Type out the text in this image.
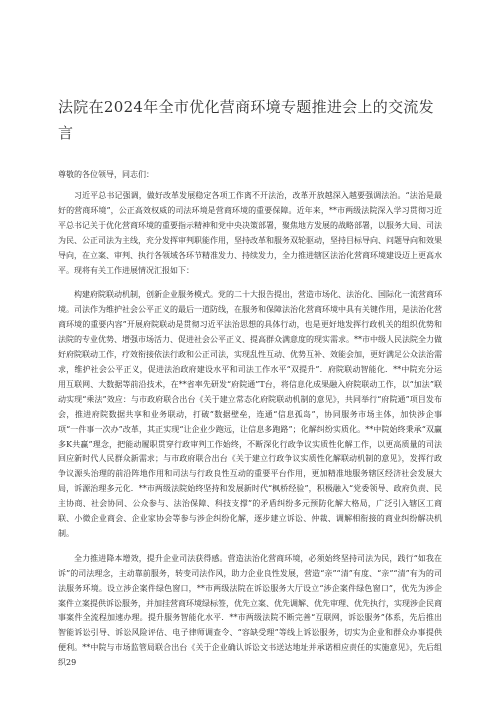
法院在2024年全市优化营商环境专题推进会上的交流发言

尊敬的各位领导，同志们：

习近平总书记强调，做好改革发展稳定各项工作离不开法治，改革开放越深入越要强调法治。“法治是最好的营商环境”，公正高效权威的司法环境是营商环境的重要保障。近年来，**市两级法院深入学习贯彻习近平总书记关于优化营商环境的重要指示精神和党中央决策部署，聚焦地方发展的战略部署，以服务大局、司法为民、公正司法为主线，充分发挥审判职能作用，坚持改革和服务双轮驱动，坚持目标导向、问题导向和效果导向，在立案、审判、执行各领域各环节精准发力、持续发力，全力推进辖区法治化营商环境建设迈上更高水平。现将有关工作进展情况汇报如下：

构建府院联动机制，创新企业服务模式。党的二十大报告提出，营造市场化、法治化、国际化一流营商环境。司法作为维护社会公平正义的最后一道防线，在服务和保障法治化营商环境中具有关键作用，是法治化营商环境的重要内容”开展府院联动是贯彻习近平法治思想的具体行动，也是更好地发挥行政机关的组织优势和法院的专业优势、增强市场活力、促进社会公平正义、提高群众满意度的现实需求。**市中级人民法院全力做好府院联动工作，疗效衔接依法行政和公正司法，实现乱性互动、优势互补、效能会加，更好满足公众法治需求，维护社会公平正义，促进法治政府建设水平和司法工作水平“双提升”．府院联动智能化．**中院充分运用互联网、大数据等前沿技术，在**省率先研发“府院通”T台，将信息化成果融入府院联动工作，以“加法”联动实现“乘法”效应：与市政府联合出台《关于建立常态化府院联动机制的意见》，共同举行“府院通”项目发布会，推进府院数据共享和业务联动，打破“数据壁垒，连通“信息孤岛”，协同服务市场主体，加快涉企事项“一件事一次办”改革，其正实现“让企业少跑远，让信息多跑路”；化解纠纷实质化。**中院始终秉承“双赢多K共赢”理念，把能动履职贯穿行政审判工作始终，不断深化行政争议实质性化解工作，以更高质量的司法回应新时代人民群众新需求；与市政府联合出台《关于建立行政争议实质性化解联动机制的意见》，发挥行政争议源头治理的前沿阵地作用和司法与行政良性互动的重要平台作用，更加精准地服务辖区经济社会发展大局，诉源治理多元化．**市两级法院始终坚持和发展新时代“枫桥经验”，积极融入“党委领导、政府负责、民主协商、社会协同、公众参与、法治保障、科技支撑”的矛盾纠纷多元预防化解大格局，广泛引入辖区工商联、小微企业商会、企业家协会等参与涉企纠纷化解，逐步建立诉讼、仲裁、调解相衔接的商业纠纷解决机制。

全力推进降本增效，提升企业司法获得感。营造法治化营商环境，必须始终坚持司法为民，践行“如我在诉”的司法理念，主动靠前服务，转变司法作风，助力企业良性发展，营造“亲”“清”有度、“亲”“清”有为的司法服务环境。设立涉企案件绿色窗口，**市两级法院在诉讼服务大厅设立“涉企案件绿色窗口”，优先为涉企案件立案提供诉讼服务，并加挂营商环境绿标签，优先立案、优先调解、优先审理、优先执行，实现涉企民商事案件全流程加速办理。提升服务智能化水平．**市两级法院不断完善“互联网，诉讼服务”体系，先后推出智能诉讼引导、诉讼风险评估、电子律师调查令、“容缺受理”等线上诉讼服务，切实为企业和群众办事提供便利。**中院与市场监管局联合出台《关于企业确认诉讼文书送达地址并承诺相应责任的实施意见》，先后组织29
